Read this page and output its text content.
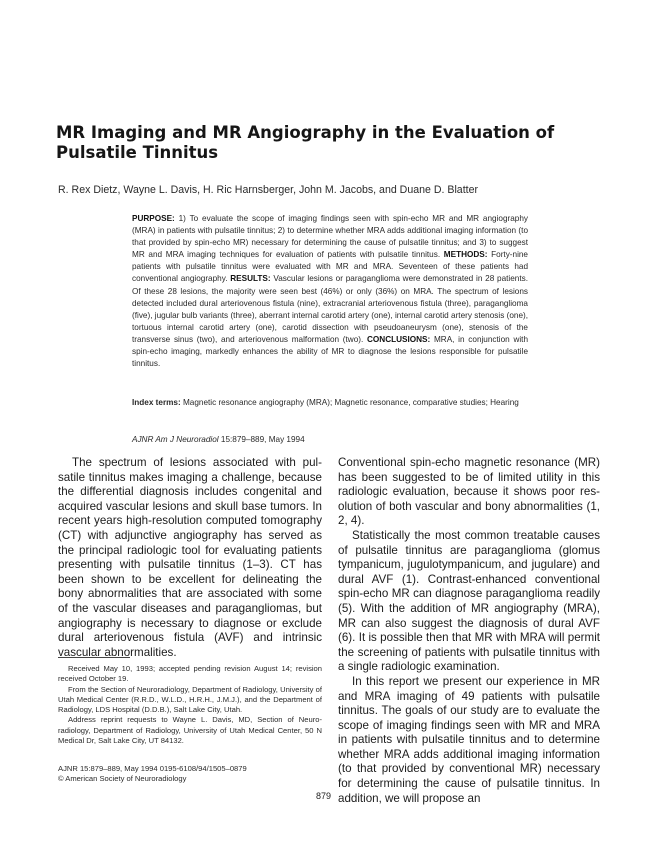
MR Imaging and MR Angiography in the Evaluation of Pulsatile Tinnitus
R. Rex Dietz, Wayne L. Davis, H. Ric Harnsberger, John M. Jacobs, and Duane D. Blatter
PURPOSE: 1) To evaluate the scope of imaging findings seen with spin-echo MR and MR angiography (MRA) in patients with pulsatile tinnitus; 2) to determine whether MRA adds additional imaging information (to that provided by spin-echo MR) necessary for determining the cause of pulsatile tinnitus; and 3) to suggest MR and MRA imaging techniques for evaluation of patients with pulsatile tinnitus. METHODS: Forty-nine patients with pulsatile tinnitus were evaluated with MR and MRA. Seventeen of these patients had conventional angiography. RESULTS: Vascular lesions or paraganglioma were demonstrated in 28 patients. Of these 28 lesions, the majority were seen best (46%) or only (36%) on MRA. The spectrum of lesions detected included dural arteriovenous fistula (nine), extracranial arteriovenous fistula (three), paraganglioma (five), jugular bulb variants (three), aberrant internal carotid artery (one), internal carotid artery stenosis (one), tortuous internal carotid artery (one), carotid dissection with pseudoaneurysm (one), stenosis of the transverse sinus (two), and arteriovenous malformation (two). CONCLUSIONS: MRA, in conjunction with spin-echo imaging, markedly enhances the ability of MR to diagnose the lesions responsible for pulsatile tinnitus.
Index terms: Magnetic resonance angiography (MRA); Magnetic resonance, comparative studies; Hearing
AJNR Am J Neuroradiol 15:879–889, May 1994

The spectrum of lesions associated with pulsatile tinnitus makes imaging a challenge, because the differential diagnosis includes congenital and acquired vascular lesions and skull base tumors. In recent years high-resolution computed tomography (CT) with adjunctive angiography has served as the principal radiologic tool for evaluating patients presenting with pulsatile tinnitus (1–3). CT has been shown to be excellent for delineating the bony abnormalities that are associated with some of the vascular diseases and paragangliomas, but angiography is necessary to diagnose or exclude dural arteriovenous fistula (AVF) and intrinsic vascular abnormalities.

Conventional spin-echo magnetic resonance (MR) has been suggested to be of limited utility in this radiologic evaluation, because it shows poor resolution of both vascular and bony abnormalities (1, 2, 4).

Statistically the most common treatable causes of pulsatile tinnitus are paraganglioma (glomus tympanicum, jugulotympanicum, and jugulare) and dural AVF (1). Contrast-enhanced conventional spin-echo MR can diagnose paraganglioma readily (5). With the addition of MR angiography (MRA), MR can also suggest the diagnosis of dural AVF (6). It is possible then that MR with MRA will permit the screening of patients with pulsatile tinnitus with a single radiologic examination.

In this report we present our experience in MR and MRA imaging of 49 patients with pulsatile tinnitus. The goals of our study are to evaluate the scope of imaging findings seen with MR and MRA in patients with pulsatile tinnitus and to determine whether MRA adds additional imaging information (to that provided by conventional MR) necessary for determining the cause of pulsatile tinnitus. In addition, we will propose an

Received May 10, 1993; accepted pending revision August 14; revision received October 19.

From the Section of Neuroradiology, Department of Radiology, University of Utah Medical Center (R.R.D., W.L.D., H.R.H., J.M.J.), and the Department of Radiology, LDS Hospital (D.D.B.), Salt Lake City, Utah.

Address reprint requests to Wayne L. Davis, MD, Section of Neuroradiology, Department of Radiology, University of Utah Medical Center, 50 N Medical Dr, Salt Lake City, UT 84132.

AJNR 15:879–889, May 1994 0195-6108/94/1505–0879

© American Society of Neuroradiology

879
